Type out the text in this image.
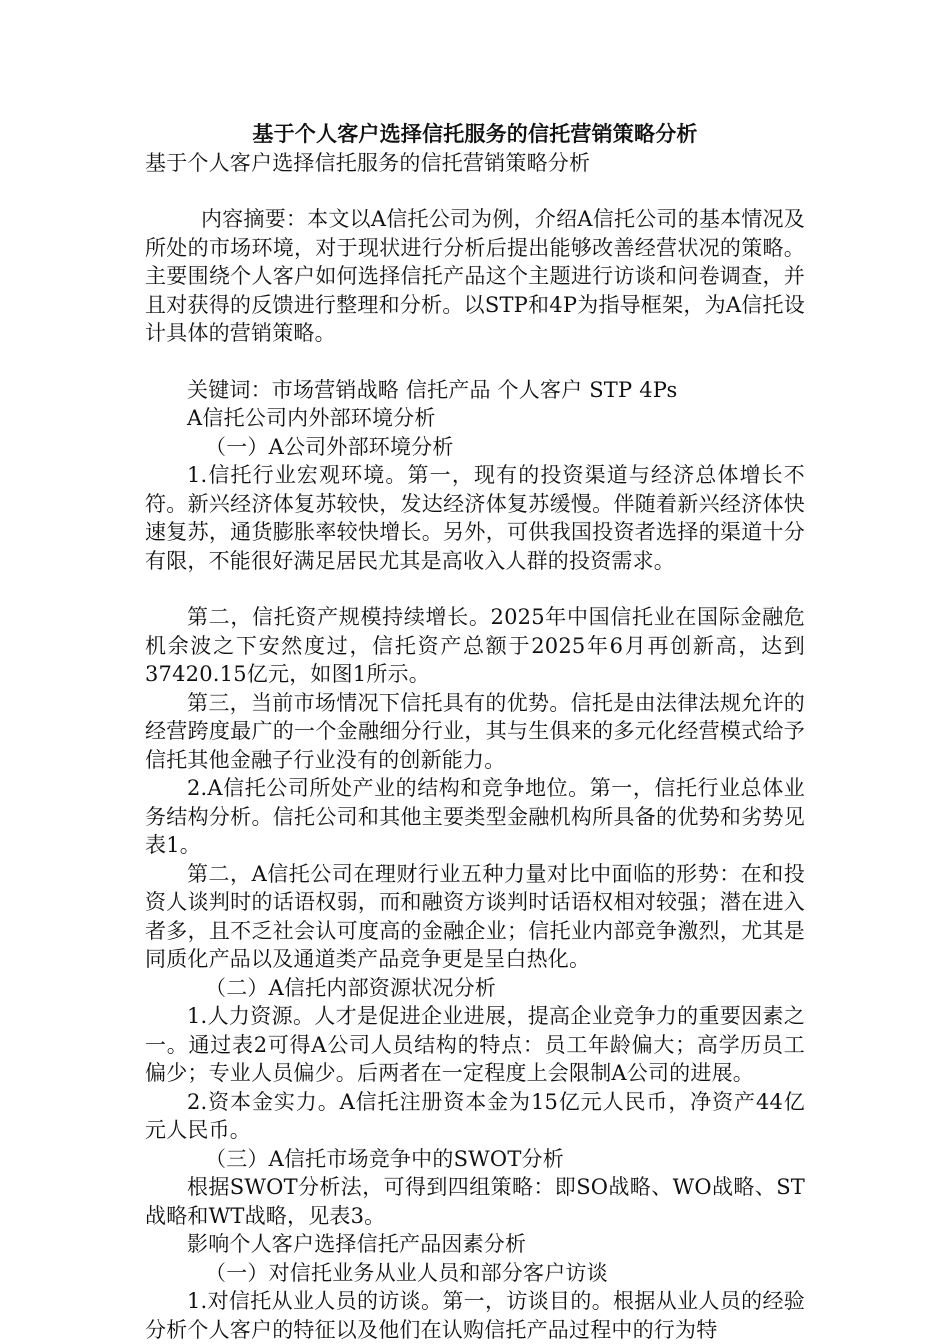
基于个人客户选择信托服务的信托营销策略分析

基于个人客户选择信托服务的信托营销策略分析

内容摘要：本文以A信托公司为例，介绍A信托公司的基本情况及所处的市场环境，对于现状进行分析后提出能够改善经营状况的策略。主要围绕个人客户如何选择信托产品这个主题进行访谈和问卷调查，并且对获得的反馈进行整理和分析。以STP和4P为指导框架，为A信托设计具体的营销策略。

关键词：市场营销战略 信托产品 个人客户 STP 4Ps

A信托公司内外部环境分析

（一）A公司外部环境分析

1.信托行业宏观环境。第一，现有的投资渠道与经济总体增长不符。新兴经济体复苏较快，发达经济体复苏缓慢。伴随着新兴经济体快速复苏，通货膨胀率较快增长。另外，可供我国投资者选择的渠道十分有限，不能很好满足居民尤其是高收入人群的投资需求。

第二，信托资产规模持续增长。2025年中国信托业在国际金融危机余波之下安然度过，信托资产总额于2025年6月再创新高，达到37420.15亿元，如图1所示。

第三，当前市场情况下信托具有的优势。信托是由法律法规允许的经营跨度最广的一个金融细分行业，其与生俱来的多元化经营模式给予信托其他金融子行业没有的创新能力。

2.A信托公司所处产业的结构和竞争地位。第一，信托行业总体业务结构分析。信托公司和其他主要类型金融机构所具备的优势和劣势见表1。

第二，A信托公司在理财行业五种力量对比中面临的形势：在和投资人谈判时的话语权弱，而和融资方谈判时话语权相对较强；潜在进入者多，且不乏社会认可度高的金融企业；信托业内部竞争激烈，尤其是同质化产品以及通道类产品竞争更是呈白热化。

（二）A信托内部资源状况分析

1.人力资源。人才是促进企业进展，提高企业竞争力的重要因素之一。通过表2可得A公司人员结构的特点：员工年龄偏大；高学历员工偏少；专业人员偏少。后两者在一定程度上会限制A公司的进展。

2.资本金实力。A信托注册资本金为15亿元人民币，净资产44亿元人民币。

（三）A信托市场竞争中的SWOT分析

根据SWOT分析法，可得到四组策略：即SO战略、WO战略、ST战略和WT战略，见表3。

影响个人客户选择信托产品因素分析

（一）对信托业务从业人员和部分客户访谈

1.对信托从业人员的访谈。第一，访谈目的。根据从业人员的经验分析个人客户的特征以及他们在认购信托产品过程中的行为特
